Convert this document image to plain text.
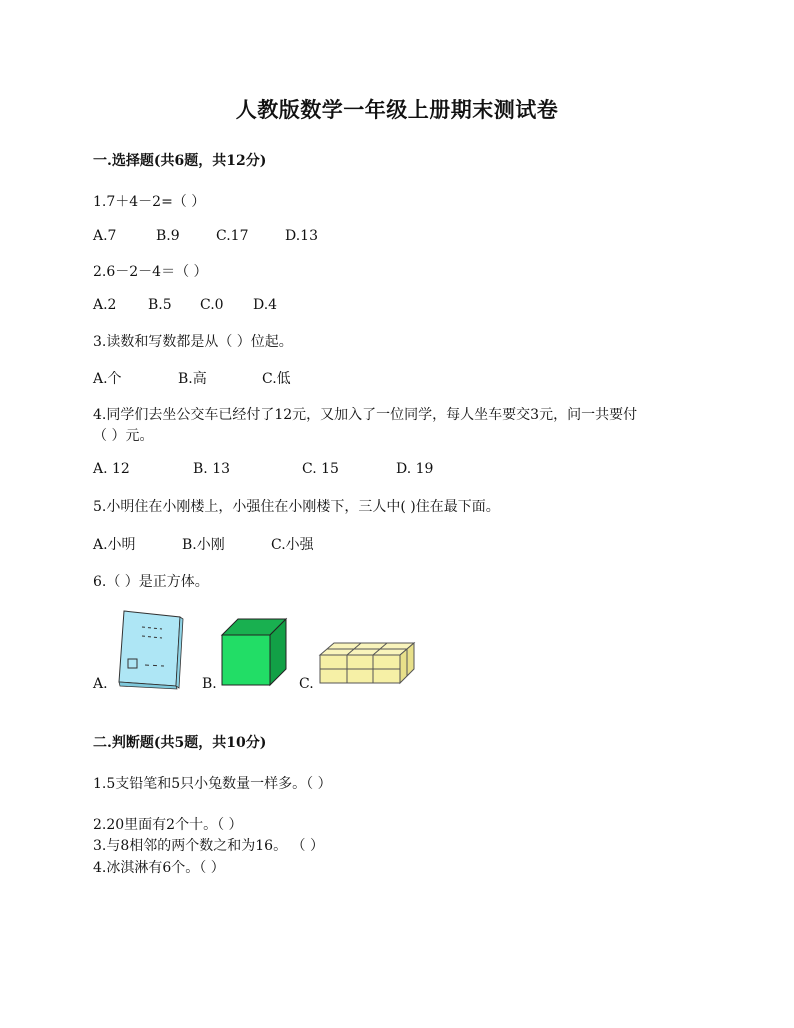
人教版数学一年级上册期末测试卷
一.选择题(共6题，共12分)
1.7＋4－2=（ ）
A.7	B.9	C.17	D.13
2.6－2－4＝（ ）
A.2 B.5 C.0 D.4
3.读数和写数都是从（ ）位起。
A.个	B.高	C.低
4.同学们去坐公交车已经付了12元，又加入了一位同学，每人坐车要交3元，问一共要付
（ ）元。
A. 12	B. 13	C. 15	D. 19
5.小明住在小刚楼上，小强住在小刚楼下，三人中( )住在最下面。
A.小明	B.小刚	C.小强
6.（ ）是正方体。
A.	B.	C.
二.判断题(共5题，共10分)
1.5支铅笔和5只小兔数量一样多。（ ）
2.20里面有2个十。（ ）
3.与8相邻的两个数之和为16。 （ ）
4.冰淇淋有6个。（ ）
